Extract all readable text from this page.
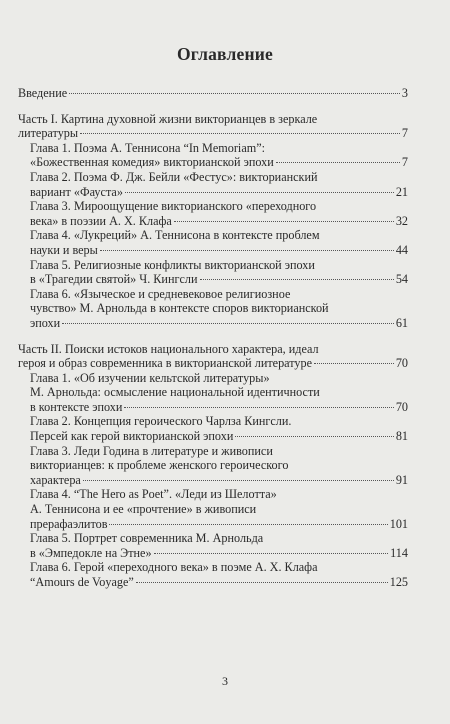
Оглавление
Введение	3
Часть I. Картина духовной жизни викторианцев в зеркале
литературы	7
Глава 1. Поэма А. Теннисона “In Memoriam”:
«Божественная комедия» викторианской эпохи	7
Глава 2. Поэма Ф. Дж. Бейли «Фестус»: викторианский
вариант «Фауста»	21
Глава 3. Мироощущение викторианского «переходного
века» в поэзии А. Х. Клафа	32
Глава 4. «Лукреций» А. Теннисона в контексте проблем
науки и веры	44
Глава 5. Религиозные конфликты викторианской эпохи
в «Трагедии святой» Ч. Кингсли	54
Глава 6. «Языческое и средневековое религиозное
чувство» М. Арнольда в контексте споров викторианской
эпохи	61
Часть II. Поиски истоков национального характера, идеал
героя и образ современника в викторианской литературе	70
Глава 1. «Об изучении кельтской литературы»
М. Арнольда: осмысление национальной идентичности
в контексте эпохи	70
Глава 2. Концепция героического Чарлза Кингсли.
Персей как герой викторианской эпохи	81
Глава 3. Леди Година в литературе и живописи
викторианцев: к проблеме женского героического
характера	91
Глава 4. “The Hero as Poet”. «Леди из Шелотта»
А. Теннисона и ее «прочтение» в живописи
прерафаэлитов	101
Глава 5. Портрет современника М. Арнольда
в «Эмпедокле на Этне»	114
Глава 6. Герой «переходного века» в поэме А. Х. Клафа
“Amours de Voyage”	125
3
